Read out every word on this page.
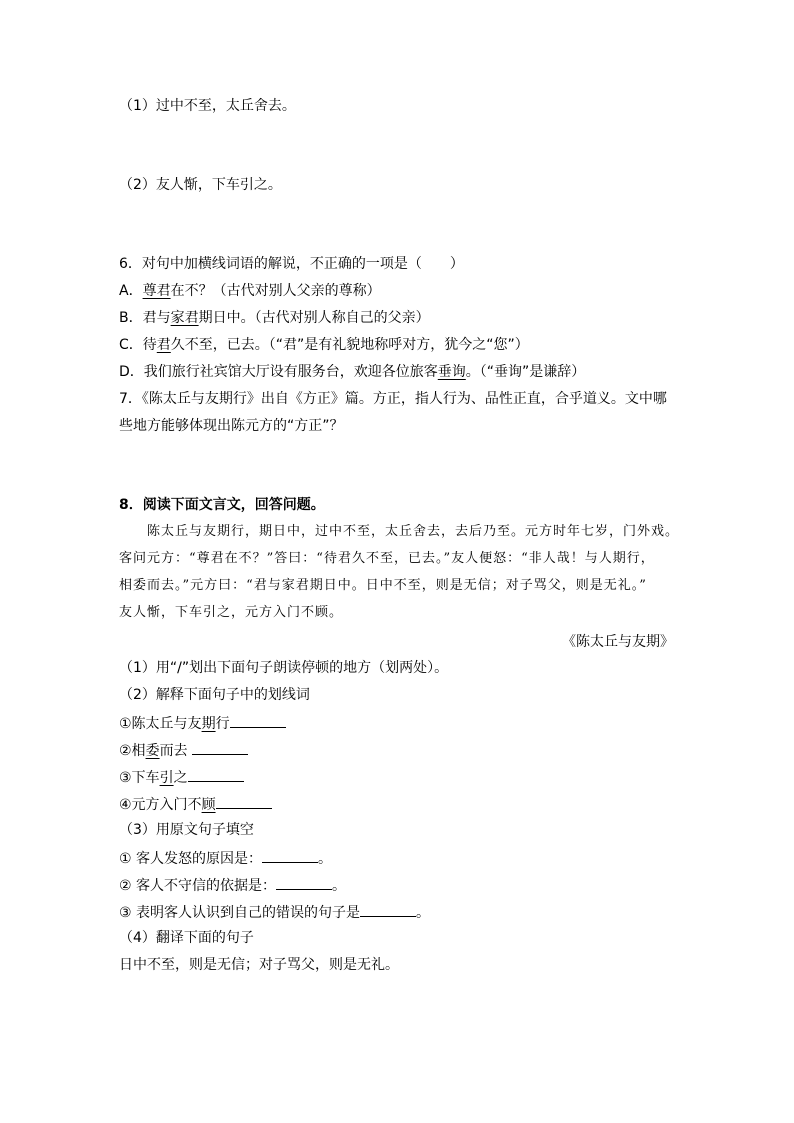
（1）过中不至，太丘舍去。
（2）友人惭，下车引之。
6．对句中加横线词语的解说，不正确的一项是（　　）
A．尊君在不？（古代对别人父亲的尊称）
B．君与家君期日中。（古代对别人称自己的父亲）
C．待君久不至，已去。（“君”是有礼貌地称呼对方，犹今之“您”）
D．我们旅行社宾馆大厅设有服务台，欢迎各位旅客垂询。（“垂询”是谦辞）
7．《陈太丘与友期行》出自《方正》篇。方正，指人行为、品性正直，合乎道义。文中哪
些地方能够体现出陈元方的“方正”？
8．阅读下面文言文，回答问题。
陈太丘与友期行，期日中，过中不至，太丘舍去，去后乃至。元方时年七岁，门外戏。
客问元方：“尊君在不？”答曰：“待君久不至，已去。”友人便怒：“非人哉！与人期行，
相委而去。”元方曰：“君与家君期日中。日中不至，则是无信；对子骂父，则是无礼。”
友人惭，下车引之，元方入门不顾。
《陈太丘与友期》
（1）用“/”划出下面句子朗读停顿的地方（划两处）。
（2）解释下面句子中的划线词
①陈太丘与友期行
②相委而去
③下车引之
④元方入门不顾
（3）用原文句子填空
① 客人发怒的原因是：	。
② 客人不守信的依据是：	。
③ 表明客人认识到自己的错误的句子是	。
（4）翻译下面的句子
日中不至，则是无信；对子骂父，则是无礼。
